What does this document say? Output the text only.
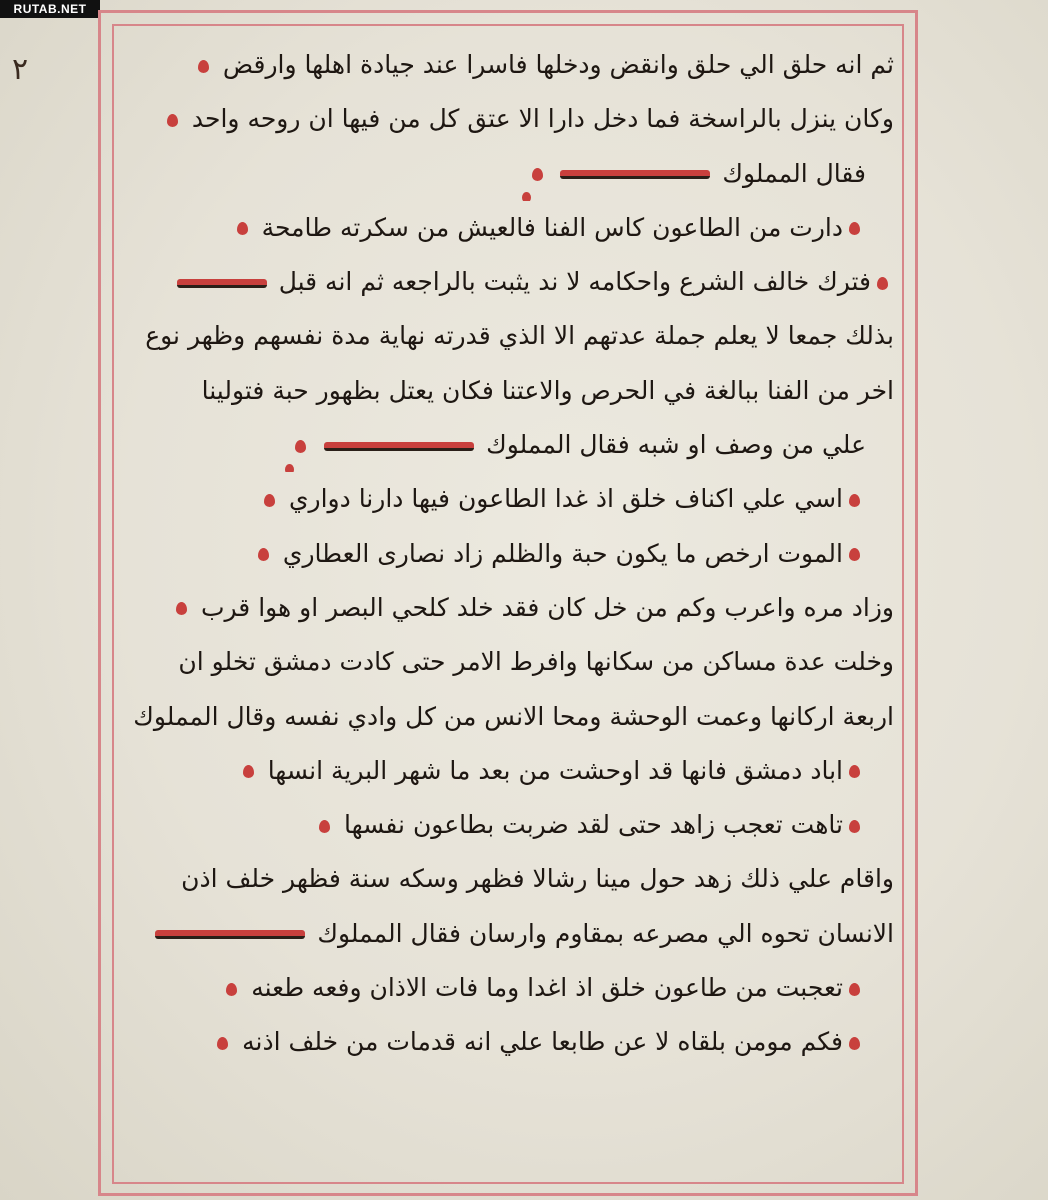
RUTAB.NET
٢	ثم انه حلق الي حلق وانقض ودخلها فاسرا عند جيادة اهلها وارقض
وكان ينزل بالراسخة فما دخل دارا الا عتق كل من فيها ان روحه واحد
فقال المملوك
دارت من الطاعون كاس الفنا فالعيش من سكرته طامحة
فترك خالف الشرع واحكامه لا ند يثبت بالراجعه ثم انه قبل
بذلك جمعا لا يعلم جملة عدتهم الا الذي قدرته نهاية مدة نفسهم وظهر نوع
اخر من الفنا ببالغة في الحرص والاعتنا فكان يعتل بظهور حبة فتولينا
علي من وصف او شبه فقال المملوك
اسي علي اكناف خلق اذ غدا الطاعون فيها دارنا دواري
الموت ارخص ما يكون حبة والظلم زاد نصارى العطاري
وزاد مره واعرب وكم من خل كان فقد خلد كلحي البصر او هوا قرب
وخلت عدة مساكن من سكانها وافرط الامر حتى كادت دمشق تخلو ان
اربعة اركانها وعمت الوحشة ومحا الانس من كل وادي نفسه وقال المملوك
اباد دمشق فانها قد اوحشت من بعد ما شهر البرية انسها
تاهت تعجب زاهد حتى لقد ضربت بطاعون نفسها
واقام علي ذلك زهد حول مينا رشالا فظهر وسكه سنة فظهر خلف اذن
الانسان تحوه الي مصرعه بمقاوم وارسان فقال المملوك
تعجبت من طاعون خلق اذ اغدا وما فات الاذان وفعه طعنه
فكم مومن بلقاه لا عن طابعا علي انه قدمات من خلف اذنه
